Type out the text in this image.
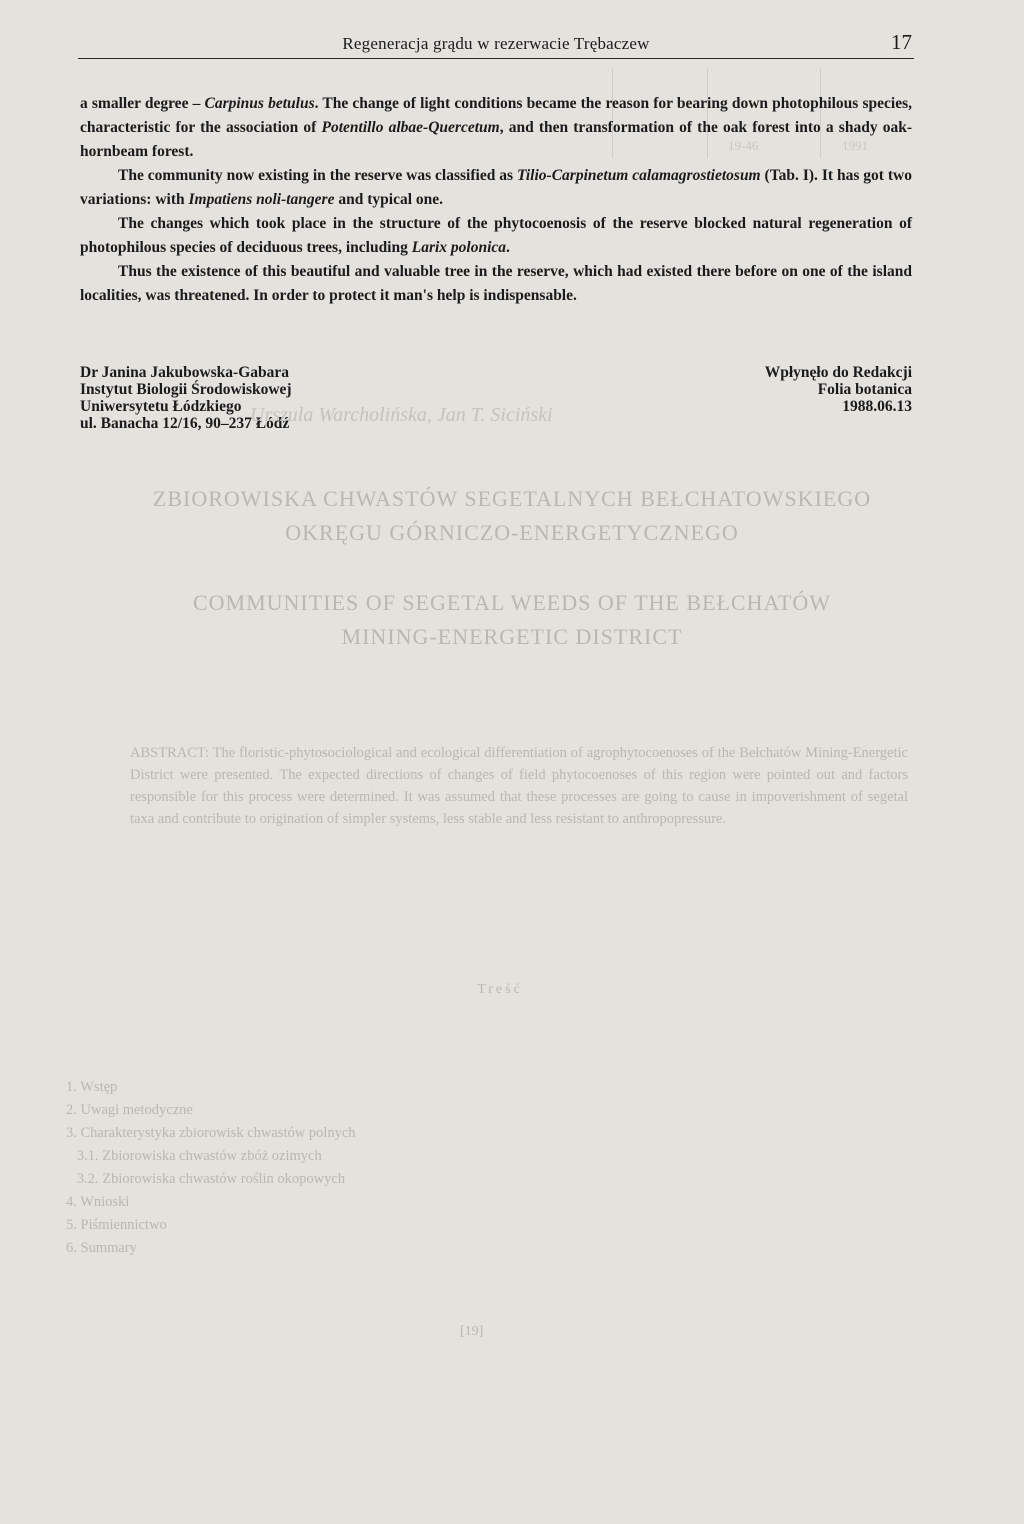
19-46	1991
Regeneracja grądu w rezerwacie Trębaczew	17

a smaller degree – Carpinus betulus. The change of light conditions became the reason for bearing down photophilous species, characteristic for the association of Potentillo albae-Quercetum, and then transformation of the oak forest into a shady oak-hornbeam forest.

The community now existing in the reserve was classified as Tilio-Carpinetum calamagrostietosum (Tab. I). It has got two variations: with Impatiens noli-tangere and typical one.

The changes which took place in the structure of the phytocoenosis of the reserve blocked natural regeneration of photophilous species of deciduous trees, including Larix polonica.

Thus the existence of this beautiful and valuable tree in the reserve, which had existed there before on one of the island localities, was threatened. In order to protect it man's help is indispensable.

Dr Janina Jakubowska-Gabara
Instytut Biologii Środowiskowej
Uniwersytetu Łódzkiego
ul. Banacha 12/16, 90–237 Łódź
Wpłynęło do Redakcji
Folia botanica
1988.06.13
Urszula Warcholińska, Jan T. Siciński
ZBIOROWISKA CHWASTÓW SEGETALNYCH BEŁCHATOWSKIEGO
OKRĘGU GÓRNICZO-ENERGETYCZNEGO
COMMUNITIES OF SEGETAL WEEDS OF THE BEŁCHATÓW
MINING-ENERGETIC DISTRICT
ABSTRACT: The floristic-phytosociological and ecological differentiation of agrophytocoenoses of the Bełchatów Mining-Energetic District were presented. The expected directions of changes of field phytocoenoses of this region were pointed out and factors responsible for this process were determined. It was assumed that these processes are going to cause in impoverishment of segetal taxa and contribute to origination of simpler systems, less stable and less resistant to anthropopressure.
Treść
1. Wstęp
2. Uwagi metodyczne
3. Charakterystyka zbiorowisk chwastów polnych
3.1. Zbiorowiska chwastów zbóż ozimych
3.2. Zbiorowiska chwastów roślin okopowych
4. Wnioski
5. Piśmiennictwo
6. Summary
[19]
